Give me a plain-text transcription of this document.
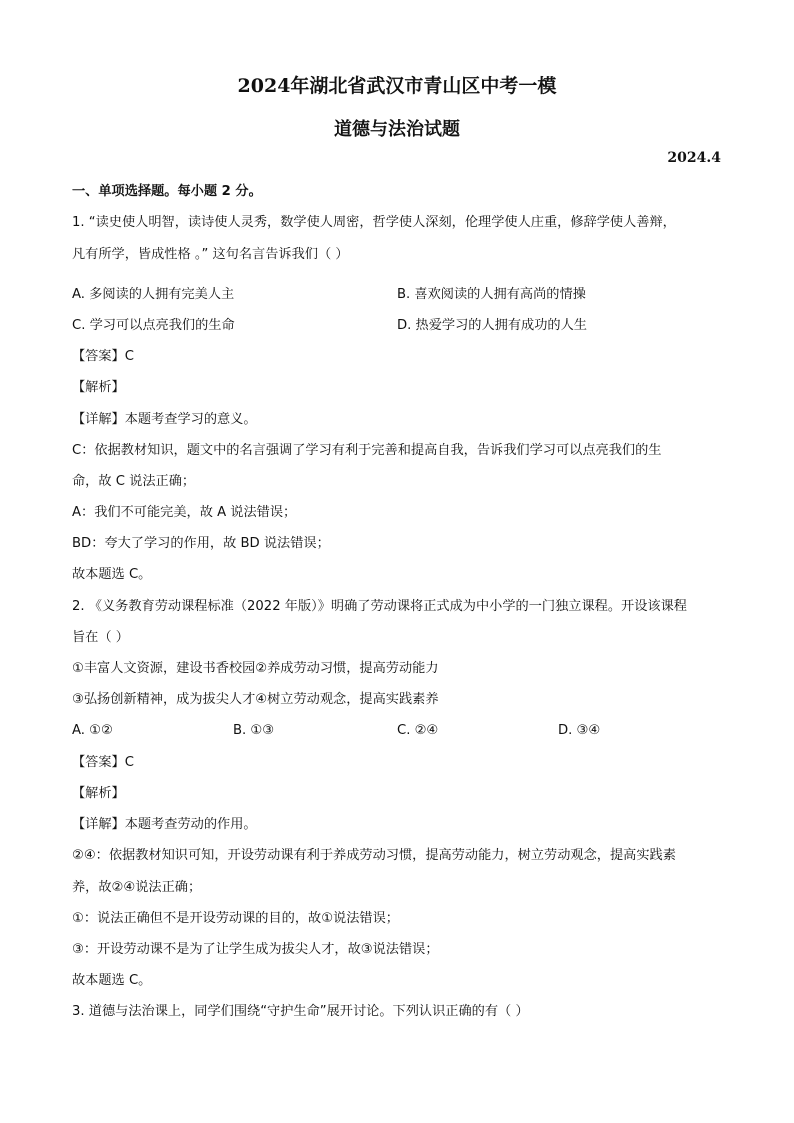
2024年湖北省武汉市青山区中考一模
道德与法治试题
2024.4
一、单项选择题。每小题 2 分。
1. “读史使人明智，读诗使人灵秀，数学使人周密，哲学使人深刻，伦理学使人庄重，修辞学使人善辩，
凡有所学，皆成性格 。” 这句名言告诉我们（ ）
A. 多阅读的人拥有完美人主	B. 喜欢阅读的人拥有高尚的情操
C. 学习可以点亮我们的生命	D. 热爱学习的人拥有成功的人生
【答案】C
【解析】
【详解】本题考查学习的意义。
C：依据教材知识，题文中的名言强调了学习有利于完善和提高自我，告诉我们学习可以点亮我们的生
命，故 C 说法正确；
A：我们不可能完美，故 A 说法错误；
BD：夸大了学习的作用，故 BD 说法错误；
故本题选 C。
2. 《义务教育劳动课程标准（2022 年版）》明确了劳动课将正式成为中小学的一门独立课程。开设该课程
旨在（ ）
①丰富人文资源，建设书香校园②养成劳动习惯，提高劳动能力
③弘扬创新精神，成为拔尖人才④树立劳动观念，提高实践素养
A. ①②	B. ①③	C. ②④	D. ③④
【答案】C
【解析】
【详解】本题考查劳动的作用。
②④：依据教材知识可知，开设劳动课有利于养成劳动习惯，提高劳动能力，树立劳动观念，提高实践素
养，故②④说法正确；
①：说法正确但不是开设劳动课的目的，故①说法错误；
③：开设劳动课不是为了让学生成为拔尖人才，故③说法错误；
故本题选 C。
3. 道德与法治课上，同学们围绕“守护生命”展开讨论。下列认识正确的有（ ）
